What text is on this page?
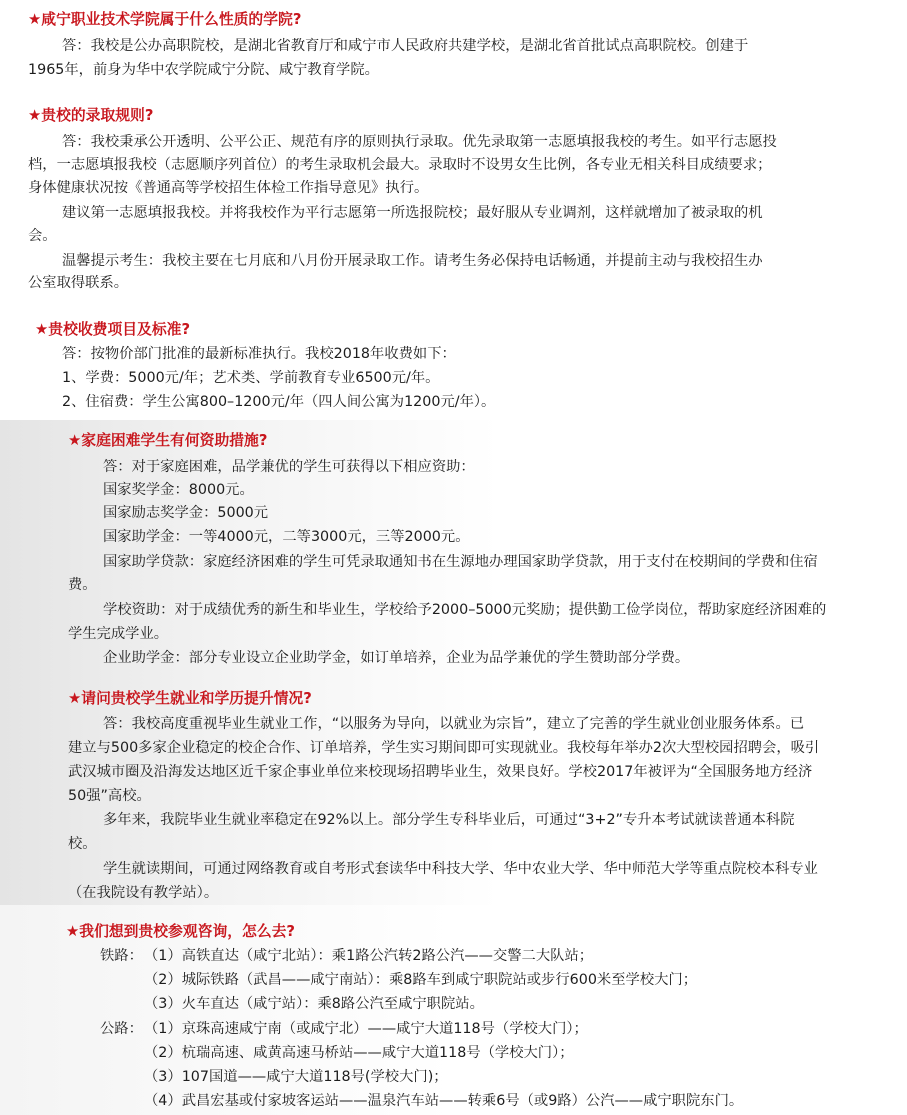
★咸宁职业技术学院属于什么性质的学院?
答：我校是公办高职院校，是湖北省教育厅和咸宁市人民政府共建学校，是湖北省首批试点高职院校。创建于
1965年，前身为华中农学院咸宁分院、咸宁教育学院。
★贵校的录取规则?
答：我校秉承公开透明、公平公正、规范有序的原则执行录取。优先录取第一志愿填报我校的考生。如平行志愿投
档，一志愿填报我校（志愿顺序列首位）的考生录取机会最大。录取时不设男女生比例，各专业无相关科目成绩要求；
身体健康状况按《普通高等学校招生体检工作指导意见》执行。
建议第一志愿填报我校。并将我校作为平行志愿第一所选报院校；最好服从专业调剂，这样就增加了被录取的机
会。
温馨提示考生：我校主要在七月底和八月份开展录取工作。请考生务必保持电话畅通，并提前主动与我校招生办
公室取得联系。
★贵校收费项目及标准?
答：按物价部门批准的最新标准执行。我校2018年收费如下：
1、学费：5000元/年；艺术类、学前教育专业6500元/年。
2、住宿费：学生公寓800–1200元/年（四人间公寓为1200元/年）。
★家庭困难学生有何资助措施?
答：对于家庭困难，品学兼优的学生可获得以下相应资助：
国家奖学金：8000元。
国家励志奖学金：5000元
国家助学金：一等4000元，二等3000元，三等2000元。
国家助学贷款：家庭经济困难的学生可凭录取通知书在生源地办理国家助学贷款，用于支付在校期间的学费和住宿
费。
学校资助：对于成绩优秀的新生和毕业生，学校给予2000–5000元奖励；提供勤工俭学岗位，帮助家庭经济困难的
学生完成学业。
企业助学金：部分专业设立企业助学金，如订单培养，企业为品学兼优的学生赞助部分学费。
★请问贵校学生就业和学历提升情况?
答：我校高度重视毕业生就业工作，“以服务为导向，以就业为宗旨”，建立了完善的学生就业创业服务体系。已
建立与500多家企业稳定的校企合作、订单培养，学生实习期间即可实现就业。我校每年举办2次大型校园招聘会，吸引
武汉城市圈及沿海发达地区近千家企事业单位来校现场招聘毕业生，效果良好。学校2017年被评为“全国服务地方经济
50强”高校。
多年来，我院毕业生就业率稳定在92%以上。部分学生专科毕业后，可通过“3+2”专升本考试就读普通本科院
校。
学生就读期间，可通过网络教育或自考形式套读华中科技大学、华中农业大学、华中师范大学等重点院校本科专业
（在我院设有教学站）。
★我们想到贵校参观咨询，怎么去?
铁路： （1）高铁直达（咸宁北站）：乘1路公汽转2路公汽——交警二大队站；
（2）城际铁路（武昌——咸宁南站）：乘8路车到咸宁职院站或步行600米至学校大门；
（3）火车直达（咸宁站）：乘8路公汽至咸宁职院站。
公路： （1）京珠高速咸宁南（或咸宁北）——咸宁大道118号（学校大门）；
（2）杭瑞高速、咸黄高速马桥站——咸宁大道118号（学校大门）；
（3）107国道——咸宁大道118号(学校大门)；
（4）武昌宏基或付家坡客运站——温泉汽车站——转乘6号（或9路）公汽——咸宁职院东门。
